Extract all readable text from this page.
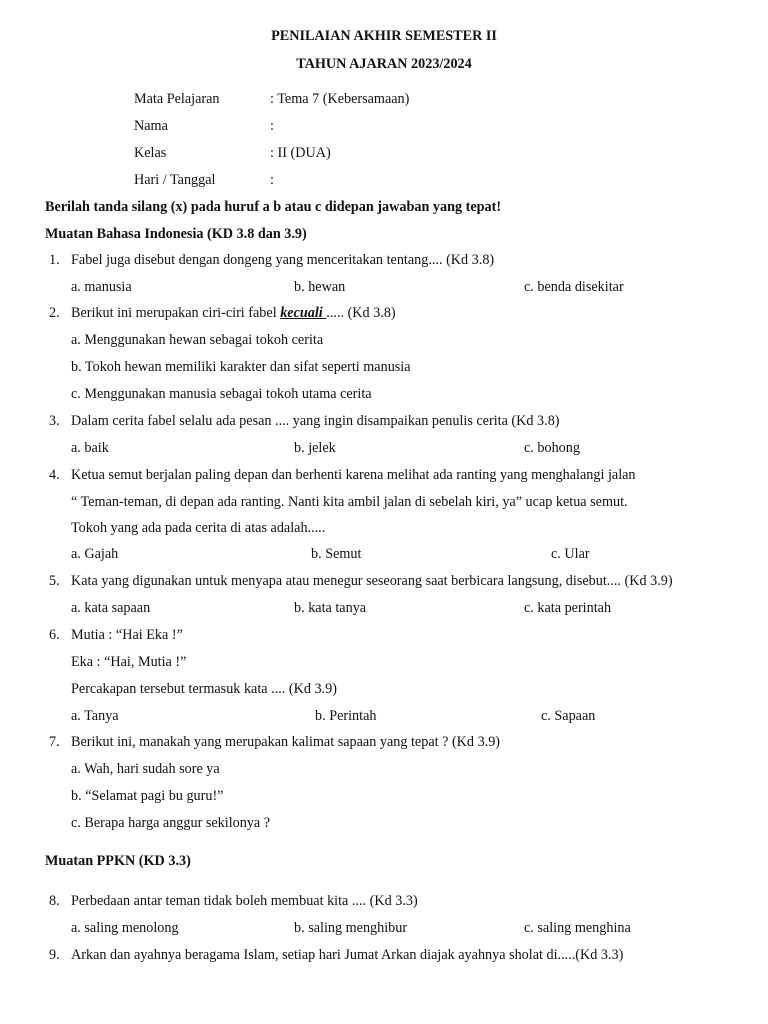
PENILAIAN AKHIR SEMESTER II
TAHUN AJARAN 2023/2024
Mata Pelajaran	: Tema 7 (Kebersamaan)
Nama	:
Kelas	: II (DUA)
Hari / Tanggal	:
Berilah tanda silang (x) pada huruf a b atau c didepan jawaban yang tepat!
Muatan Bahasa Indonesia (KD 3.8 dan 3.9)
1. Fabel juga disebut dengan dongeng yang menceritakan tentang.... (Kd 3.8)
a. manusia	b. hewan	c. benda disekitar
2. Berikut ini merupakan ciri-ciri fabel kecuali ..... (Kd 3.8)
a. Menggunakan hewan sebagai tokoh cerita
b. Tokoh hewan memiliki karakter dan sifat seperti manusia
c. Menggunakan manusia sebagai tokoh utama cerita
3. Dalam cerita fabel selalu ada pesan .... yang ingin disampaikan penulis cerita (Kd 3.8)
a. baik	b. jelek	c. bohong
4. Ketua semut berjalan paling depan dan berhenti karena melihat ada ranting yang menghalangi jalan
“ Teman-teman, di depan ada ranting. Nanti kita ambil jalan di sebelah kiri, ya” ucap ketua semut.
Tokoh yang ada pada cerita di atas adalah.....
a. Gajah	b. Semut	c. Ular
5. Kata yang digunakan untuk menyapa atau menegur seseorang saat berbicara langsung, disebut.... (Kd 3.9)
a. kata sapaan	b. kata tanya	c. kata perintah
6. Mutia : “Hai Eka !”
Eka : “Hai, Mutia !”
Percakapan tersebut termasuk kata .... (Kd 3.9)
a. Tanya	b. Perintah	c. Sapaan
7. Berikut ini, manakah yang merupakan kalimat sapaan yang tepat ? (Kd 3.9)
a. Wah, hari sudah sore ya
b. “Selamat pagi bu guru!”
c. Berapa harga anggur sekilonya ?
Muatan PPKN (KD 3.3)
8. Perbedaan antar teman tidak boleh membuat kita .... (Kd 3.3)
a. saling menolong	b. saling menghibur	c. saling menghina
9. Arkan dan ayahnya beragama Islam, setiap hari Jumat Arkan diajak ayahnya sholat di.....(Kd 3.3)
